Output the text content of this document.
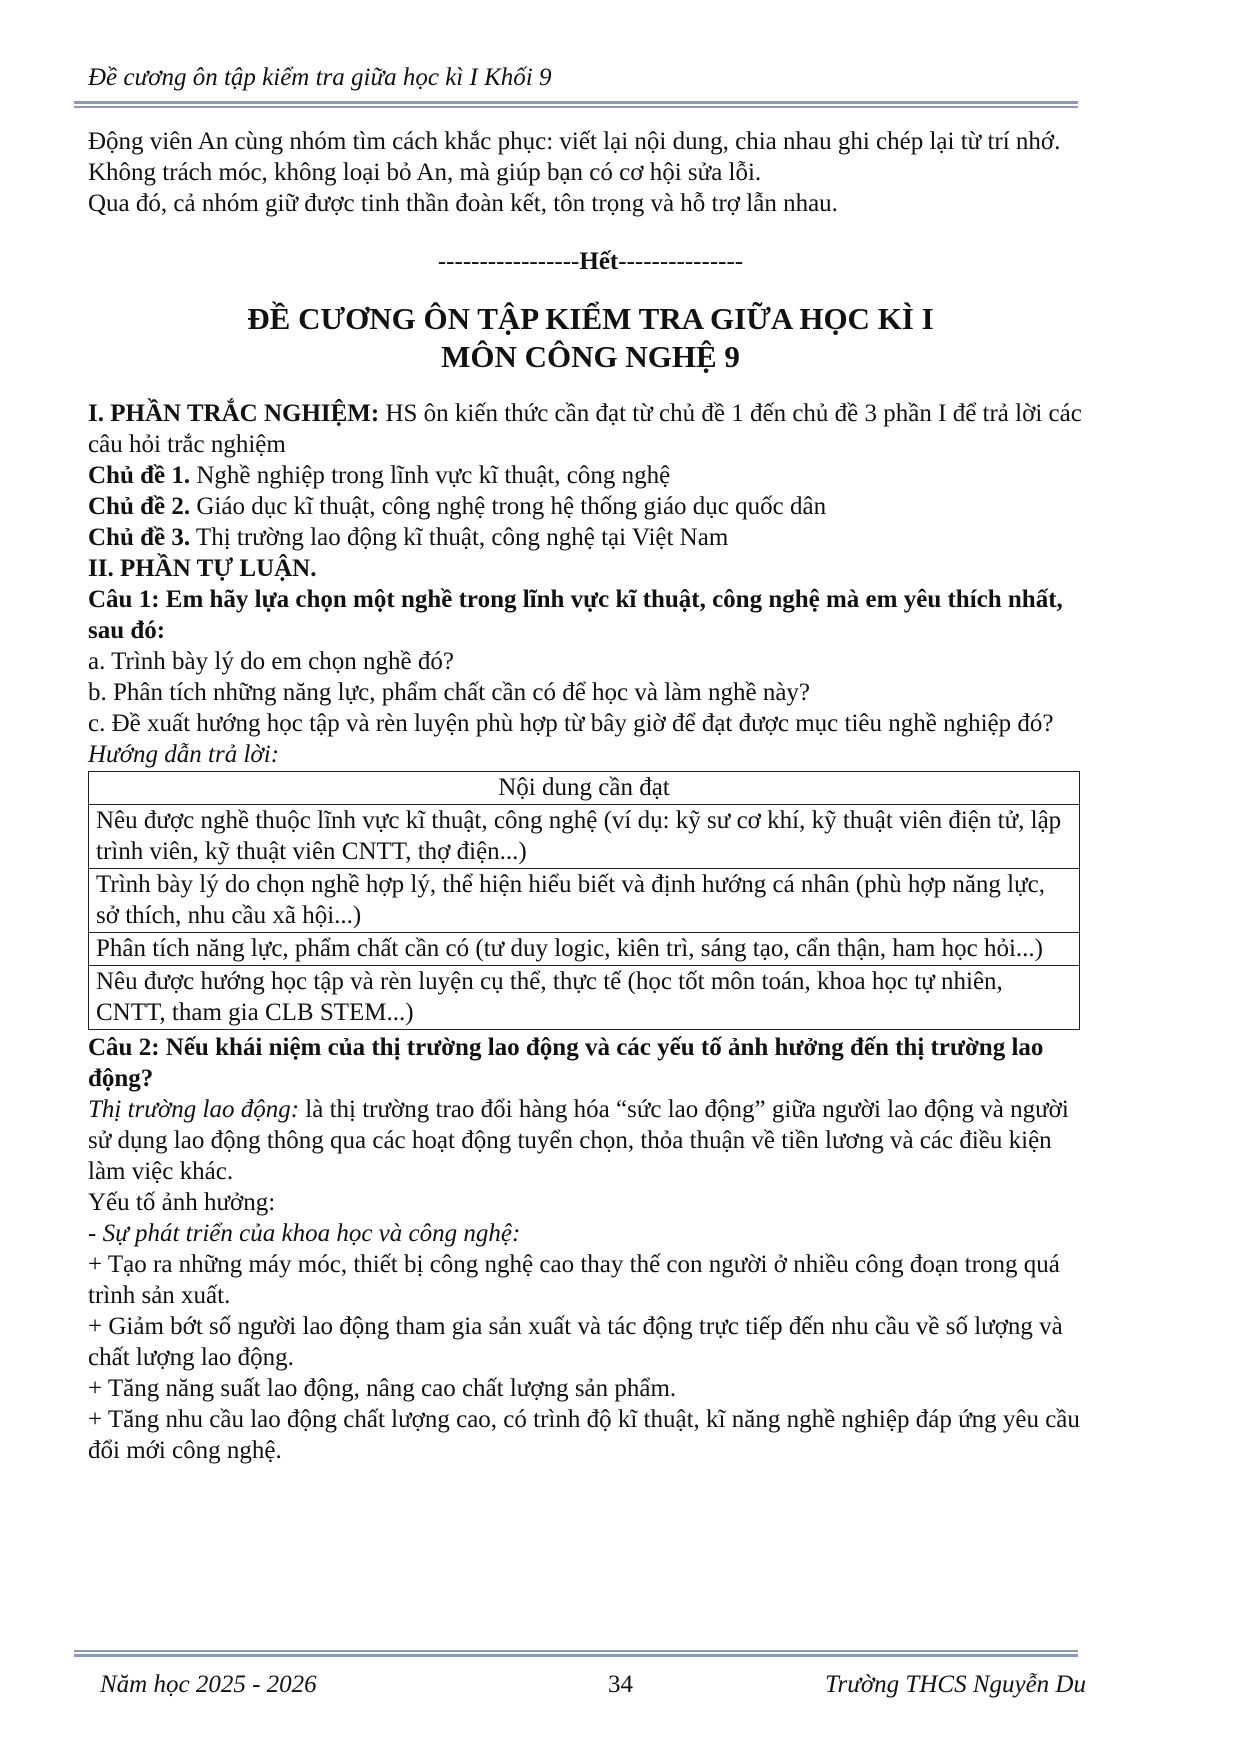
Đề cương ôn tập kiểm tra giữa học kì I Khối 9

Động viên An cùng nhóm tìm cách khắc phục: viết lại nội dung, chia nhau ghi chép lại từ trí nhớ.

Không trách móc, không loại bỏ An, mà giúp bạn có cơ hội sửa lỗi.

Qua đó, cả nhóm giữ được tinh thần đoàn kết, tôn trọng và hỗ trợ lẫn nhau.

-----------------Hết---------------

ĐỀ CƯƠNG ÔN TẬP KIỂM TRA GIỮA HỌC KÌ I

MÔN CÔNG NGHỆ 9

I. PHẦN TRẮC NGHIỆM: HS ôn kiến thức cần đạt từ chủ đề 1 đến chủ đề 3 phần I để trả lời các câu hỏi trắc nghiệm

Chủ đề 1. Nghề nghiệp trong lĩnh vực kĩ thuật, công nghệ

Chủ đề 2. Giáo dục kĩ thuật, công nghệ trong hệ thống giáo dục quốc dân

Chủ đề 3. Thị trường lao động kĩ thuật, công nghệ tại Việt Nam

II. PHẦN TỰ LUẬN.

Câu 1: Em hãy lựa chọn một nghề trong lĩnh vực kĩ thuật, công nghệ mà em yêu thích nhất, sau đó:

a. Trình bày lý do em chọn nghề đó?

b. Phân tích những năng lực, phẩm chất cần có để học và làm nghề này?

c. Đề xuất hướng học tập và rèn luyện phù hợp từ bây giờ để đạt được mục tiêu nghề nghiệp đó?

Hướng dẫn trả lời:

Nội dung cần đạt
Nêu được nghề thuộc lĩnh vực kĩ thuật, công nghệ (ví dụ: kỹ sư cơ khí, kỹ thuật viên điện tử, lập trình viên, kỹ thuật viên CNTT, thợ điện...)
Trình bày lý do chọn nghề hợp lý, thể hiện hiểu biết và định hướng cá nhân (phù hợp năng lực, sở thích, nhu cầu xã hội...)
Phân tích năng lực, phẩm chất cần có (tư duy logic, kiên trì, sáng tạo, cẩn thận, ham học hỏi...)
Nêu được hướng học tập và rèn luyện cụ thể, thực tế (học tốt môn toán, khoa học tự nhiên, CNTT, tham gia CLB STEM...)

Câu 2: Nếu khái niệm của thị trường lao động và các yếu tố ảnh hưởng đến thị trường lao động?

Thị trường lao động: là thị trường trao đổi hàng hóa “sức lao động” giữa người lao động và người sử dụng lao động thông qua các hoạt động tuyển chọn, thỏa thuận về tiền lương và các điều kiện làm việc khác.

Yếu tố ảnh hưởng:

- Sự phát triển của khoa học và công nghệ:

+ Tạo ra những máy móc, thiết bị công nghệ cao thay thế con người ở nhiều công đoạn trong quá trình sản xuất.

+ Giảm bớt số người lao động tham gia sản xuất và tác động trực tiếp đến nhu cầu về số lượng và chất lượng lao động.

+ Tăng năng suất lao động, nâng cao chất lượng sản phẩm.

+ Tăng nhu cầu lao động chất lượng cao, có trình độ kĩ thuật, kĩ năng nghề nghiệp đáp ứng yêu cầu đổi mới công nghệ.

Năm học 2025 - 2026	34	Trường THCS Nguyễn Du
